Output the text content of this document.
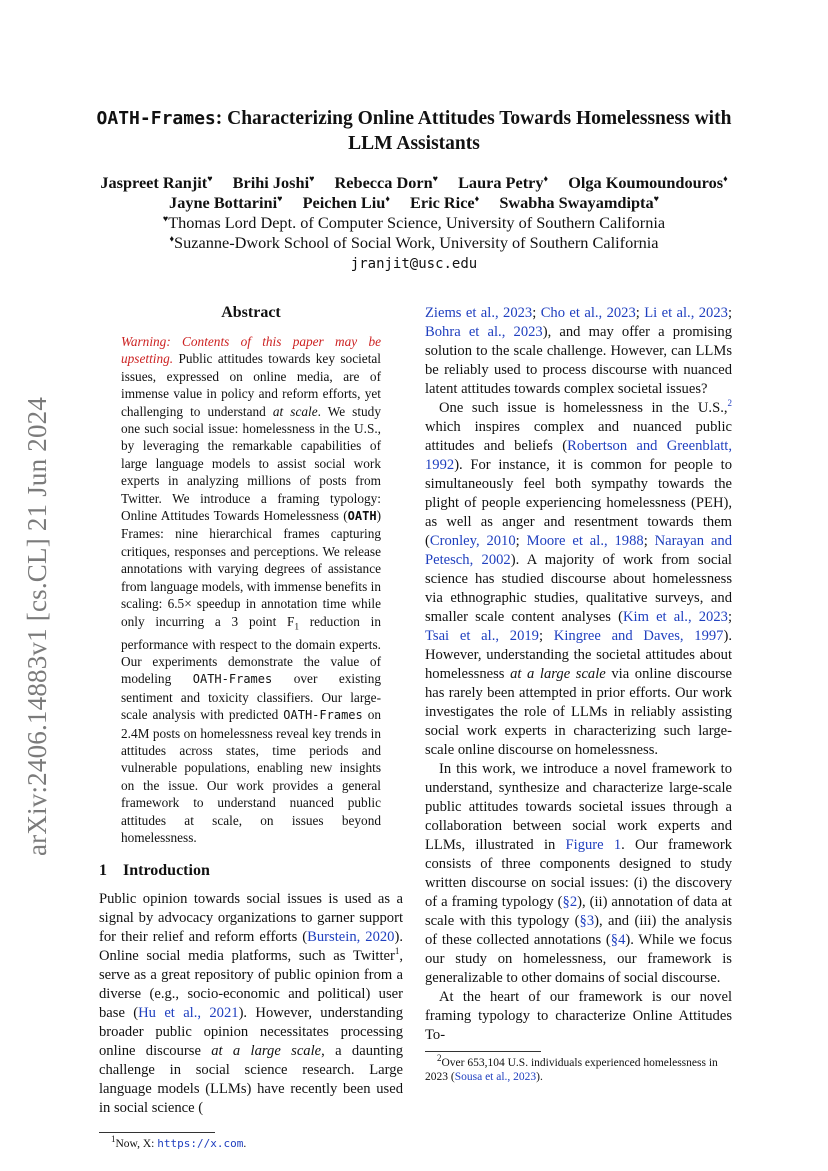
arXiv:2406.14883v1 [cs.CL] 21 Jun 2024
OATH-Frames: Characterizing Online Attitudes Towards Homelessness with LLM Assistants
Jaspreet Ranjit♥ Brihi Joshi♥ Rebecca Dorn♥ Laura Petry♦ Olga Koumoundouros♦
Jayne Bottarini♥ Peichen Liu♦ Eric Rice♦ Swabha Swayamdipta♥
♥Thomas Lord Dept. of Computer Science, University of Southern California
♦Suzanne-Dwork School of Social Work, University of Southern California
jranjit@usc.edu
Abstract

Warning: Contents of this paper may be upsetting. Public attitudes towards key societal issues, expressed on online media, are of immense value in policy and reform efforts, yet challenging to understand at scale. We study one such social issue: homelessness in the U.S., by leveraging the remarkable capabilities of large language models to assist social work experts in analyzing millions of posts from Twitter. We introduce a framing typology: Online Attitudes Towards Homelessness (OATH) Frames: nine hierarchical frames capturing critiques, responses and perceptions. We release annotations with varying degrees of assistance from language models, with immense benefits in scaling: 6.5× speedup in annotation time while only incurring a 3 point $F_1$ reduction in performance with respect to the domain experts. Our experiments demonstrate the value of modeling OATH-Frames over existing sentiment and toxicity classifiers. Our large-scale analysis with predicted OATH-Frames on 2.4M posts on homelessness reveal key trends in attitudes across states, time periods and vulnerable populations, enabling new insights on the issue. Our work provides a general framework to understand nuanced public attitudes at scale, on issues beyond homelessness.

1 Introduction

Public opinion towards social issues is used as a signal by advocacy organizations to garner support for their relief and reform efforts (Burstein, 2020). Online social media platforms, such as Twitter$^1$, serve as a great repository of public opinion from a diverse (e.g., socio-economic and political) user base (Hu et al., 2021). However, understanding broader public opinion necessitates processing online discourse at a large scale, a daunting challenge in social science research. Large language models (LLMs) have recently been used in social science (

$^1$Now, X: https://x.com.

Ziems et al., 2023; Cho et al., 2023; Li et al., 2023; Bohra et al., 2023), and may offer a promising solution to the scale challenge. However, can LLMs be reliably used to process discourse with nuanced latent attitudes towards complex societal issues?

One such issue is homelessness in the U.S.,$^2$ which inspires complex and nuanced public attitudes and beliefs (Robertson and Greenblatt, 1992). For instance, it is common for people to simultaneously feel both sympathy towards the plight of people experiencing homelessness (PEH), as well as anger and resentment towards them (Cronley, 2010; Moore et al., 1988; Narayan and Petesch, 2002). A majority of work from social science has studied discourse about homelessness via ethnographic studies, qualitative surveys, and smaller scale content analyses (Kim et al., 2023; Tsai et al., 2019; Kingree and Daves, 1997). However, understanding the societal attitudes about homelessness at a large scale via online discourse has rarely been attempted in prior efforts. Our work investigates the role of LLMs in reliably assisting social work experts in characterizing such large-scale online discourse on homelessness.

In this work, we introduce a novel framework to understand, synthesize and characterize large-scale public attitudes towards societal issues through a collaboration between social work experts and LLMs, illustrated in Figure 1. Our framework consists of three components designed to study written discourse on social issues: (i) the discovery of a framing typology (§2), (ii) annotation of data at scale with this typology (§3), and (iii) the analysis of these collected annotations (§4). While we focus our study on homelessness, our framework is generalizable to other domains of social discourse.

At the heart of our framework is our novel framing typology to characterize Online Attitudes To-

$^2$Over 653,104 U.S. individuals experienced homelessness in 2023 (Sousa et al., 2023).
